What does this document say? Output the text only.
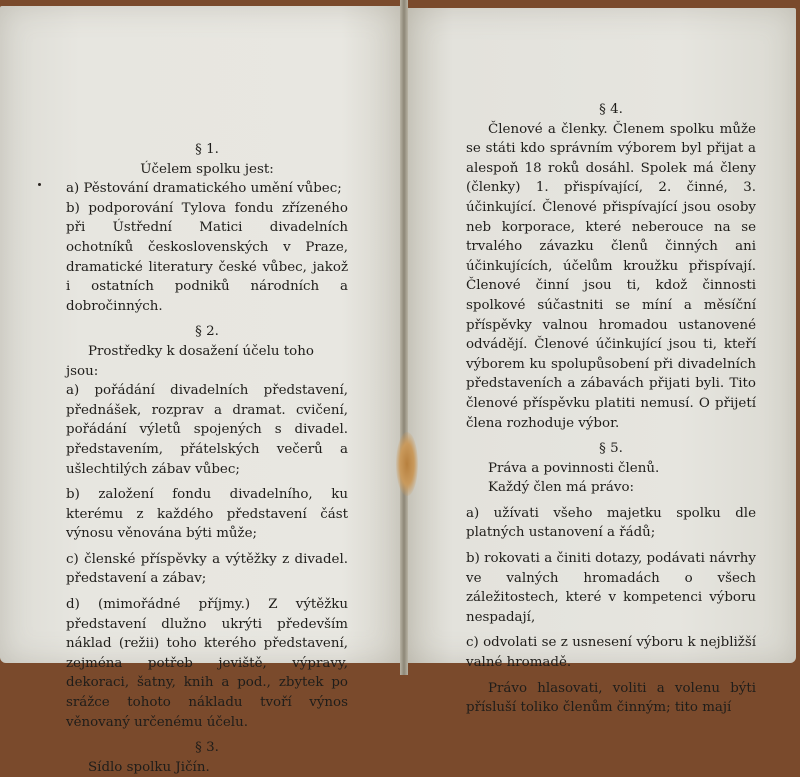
§ 1.

Účelem spolku jest:

a) Pěstování dramatického umění vůbec;

b) podporování Tylova fondu zřízeného při Ústřední Matici divadelních ochotníků československých v Praze, dramatické literatury české vůbec, jakož i ostatních podniků národních a dobročinných.

§ 2.

Prostředky k dosažení účelu toho jsou:

a) pořádání divadelních představení, přednášek, rozprav a dramat. cvičení, pořádání výletů spojených s divadel. představením, přátelských večerů a ušlechtilých zábav vůbec;

b) založení fondu divadelního, ku kterému z každého představení část výnosu věnována býti může;

c) členské příspěvky a výtěžky z divadel. představení a zábav;

d) (mimořádné příjmy.) Z výtěžku představení dlužno ukrýti především náklad (režii) toho kterého představení, zejména potřeb jeviště, výpravy, dekoraci, šatny, knih a pod., zbytek po srážce tohoto nákladu tvoří výnos věnovaný určenému účelu.

§ 3.

Sídlo spolku Jičín.

§ 4.

Členové a členky. Členem spolku může se státi kdo správním výborem byl přijat a alespoň 18 roků dosáhl. Spolek má členy (členky) 1. přispívající, 2. činné, 3. účinkující. Členové přispívající jsou osoby neb korporace, které neberouce na se trvalého závazku členů činných ani účinkujících, účelům kroužku přispívají. Členové činní jsou ti, kdož činnosti spolkové súčastniti se míní a měsíční příspěvky valnou hromadou ustanovené odvádějí. Členové účinkující jsou ti, kteří výborem ku spolupůsobení při divadelních představeních a zábavách přijati byli. Tito členové příspěvku platiti nemusí. O přijetí člena rozhoduje výbor.

§ 5.

Práva a povinnosti členů.

Každý člen má právo:

a) užívati všeho majetku spolku dle platných ustanovení a řádů;

b) rokovati a činiti dotazy, podávati návrhy ve valných hromadách o všech záležitostech, které v kompetenci výboru nespadají,

c) odvolati se z usnesení výboru k nejbližší valné hromadě.

Právo hlasovati, voliti a volenu býti přísluší toliko členům činným; tito mají
